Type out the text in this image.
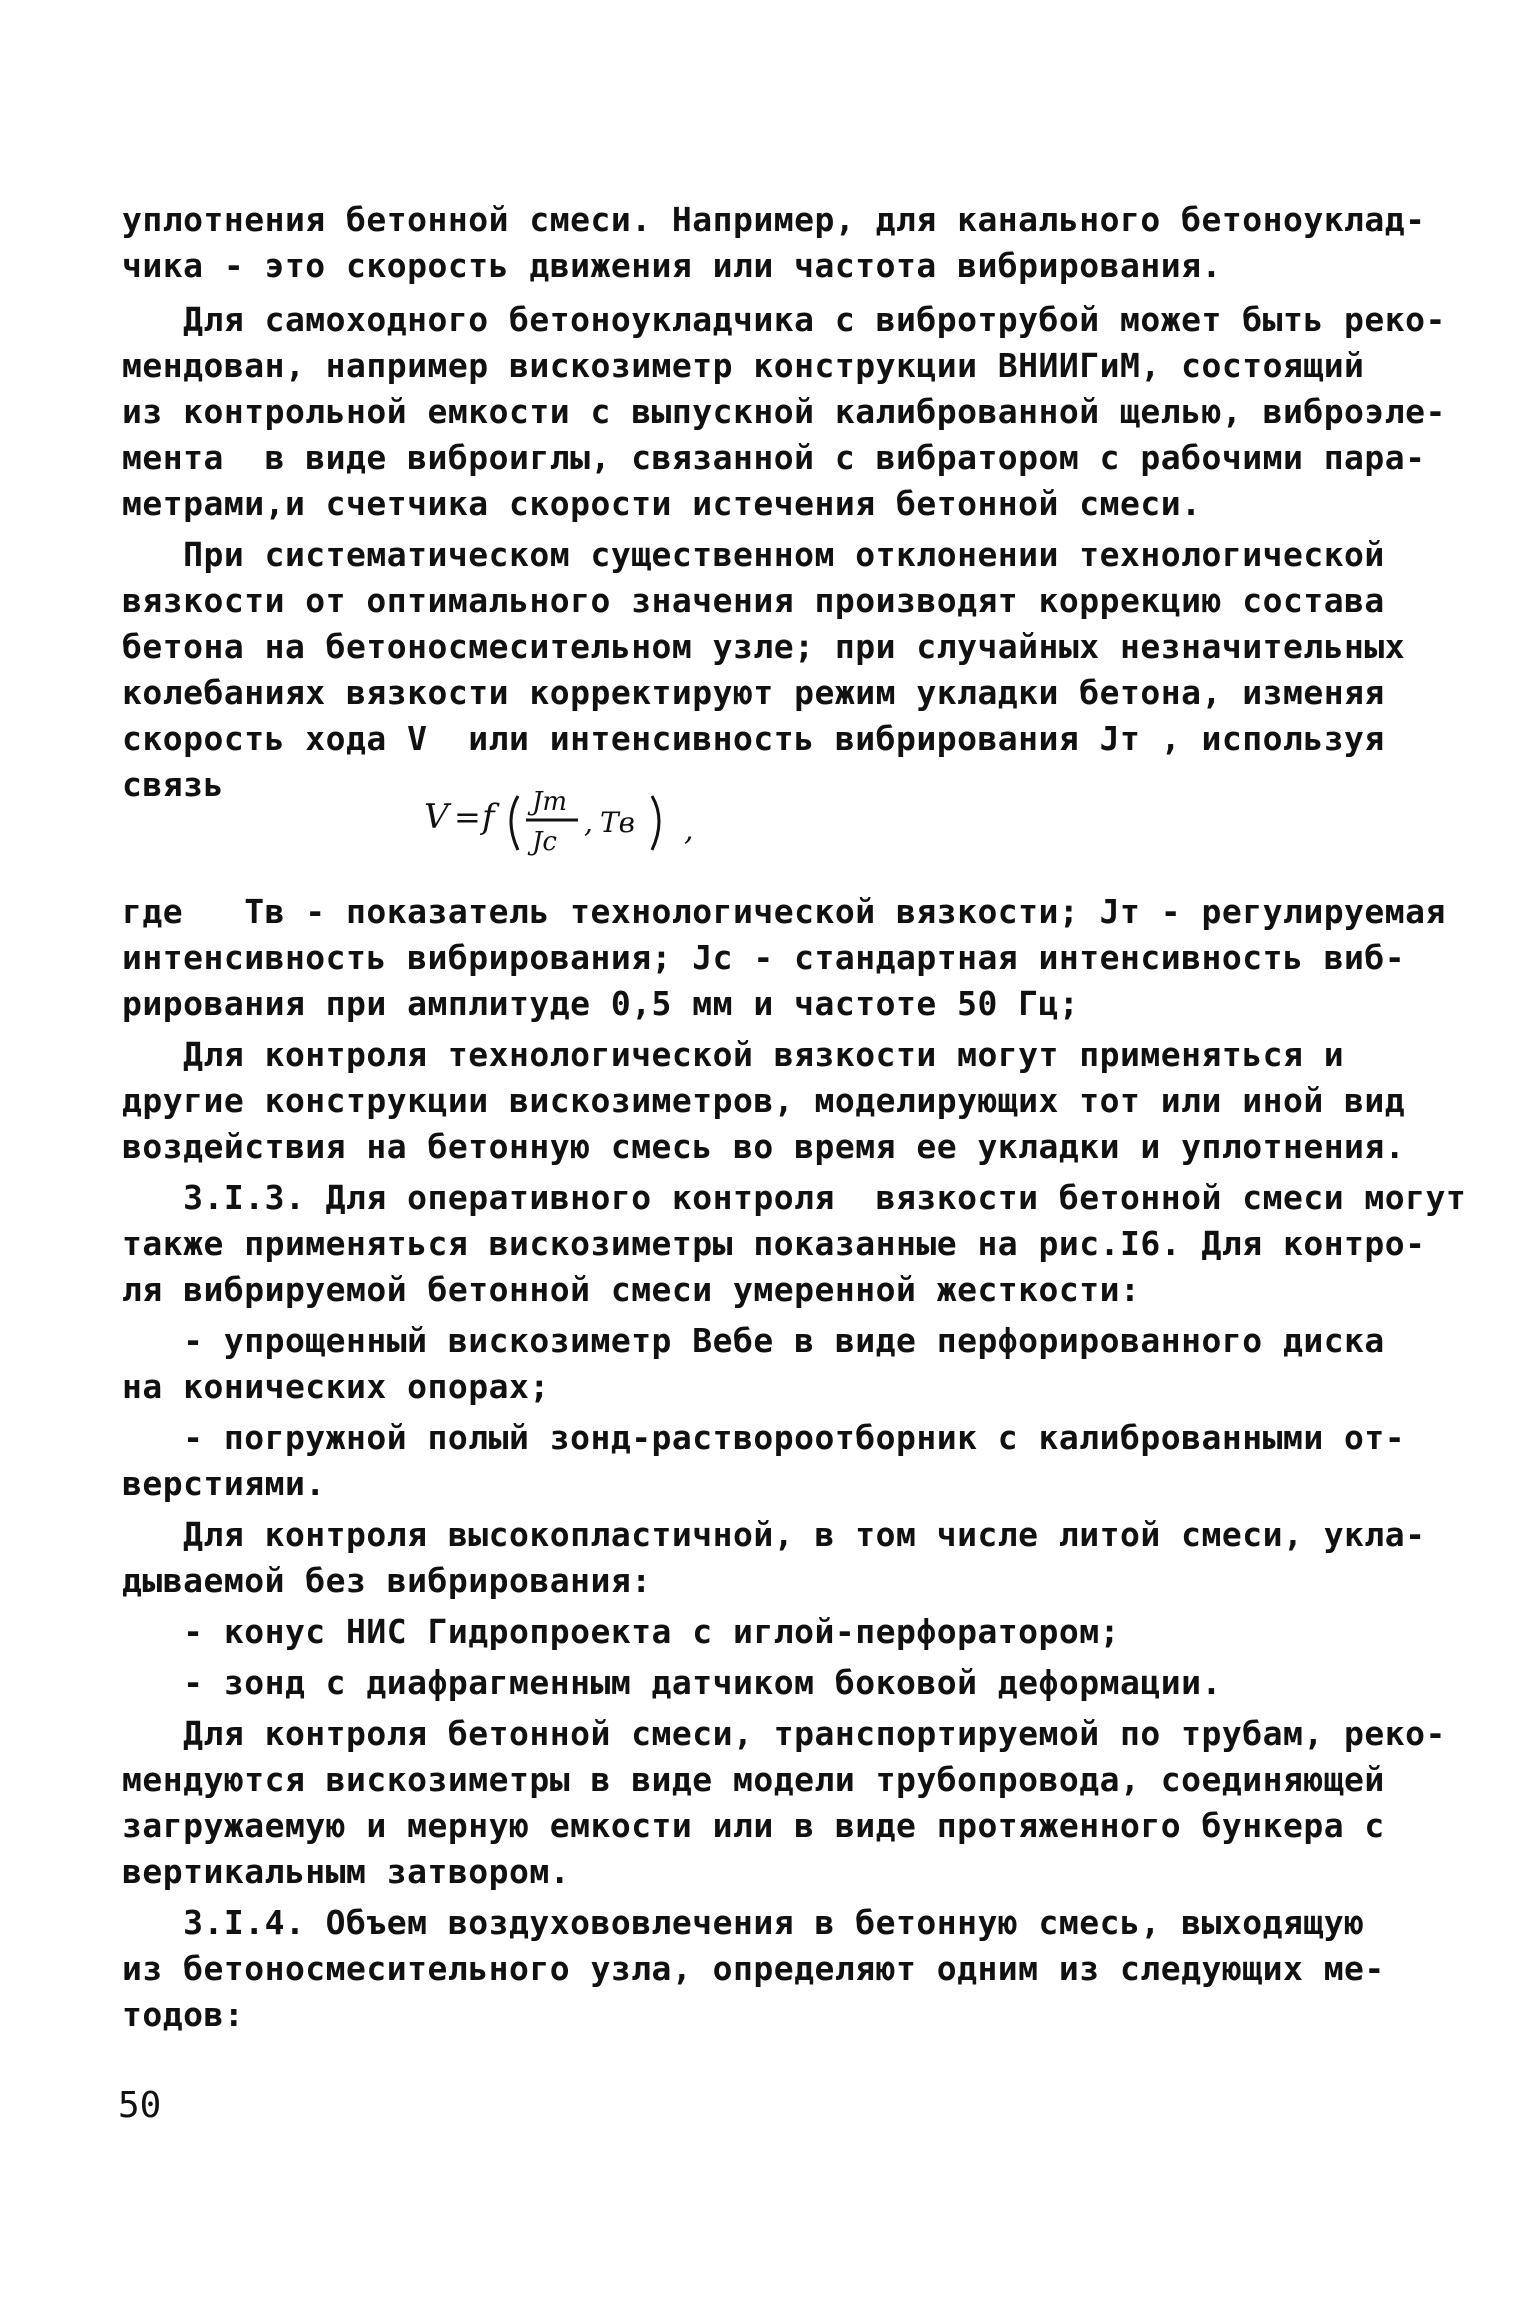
уплотнения бетонной смеси. Например, для канального бетоноуклад-
чика - это скорость движения или частота вибрирования.
Для самоходного бетоноукладчика с вибротрубой может быть реко-
мендован, например вискозиметр конструкции ВНИИГиМ, состоящий
из контрольной емкости с выпускной калиброванной щелью, виброэле-
мента  в виде виброиглы, связанной с вибратором с рабочими пара-
метрами,и счетчика скорости истечения бетонной смеси.
При систематическом существенном отклонении технологической
вязкости от оптимального значения производят коррекцию состава
бетона на бетоносмесительном узле; при случайных незначительных
колебаниях вязкости корректируют режим укладки бетона, изменяя
скорость хода V  или интенсивность вибрирования Jт , используя
связь
V = f Jт
Jс
, Тв ,
где   Тв - показатель технологической вязкости; Jт - регулируемая
интенсивность вибрирования; Jс - стандартная интенсивность виб-
рирования при амплитуде 0,5 мм и частоте 50 Гц;
Для контроля технологической вязкости могут применяться и
другие конструкции вискозиметров, моделирующих тот или иной вид
воздействия на бетонную смесь во время ее укладки и уплотнения.
3.I.3. Для оперативного контроля  вязкости бетонной смеси могут
также применяться вискозиметры показанные на рис.I6. Для контро-
ля вибрируемой бетонной смеси умеренной жесткости:
- упрощенный вискозиметр Вебе в виде перфорированного диска
на конических опорах;
- погружной полый зонд-раствороотборник с калиброванными от-
верстиями.
Для контроля высокопластичной, в том числе литой смеси, укла-
дываемой без вибрирования:
- конус НИС Гидропроекта с иглой-перфоратором;
- зонд с диафрагменным датчиком боковой деформации.
Для контроля бетонной смеси, транспортируемой по трубам, реко-
мендуются вискозиметры в виде модели трубопровода, соединяющей
загружаемую и мерную емкости или в виде протяженного бункера с
вертикальным затвором.
3.I.4. Объем воздухововлечения в бетонную смесь, выходящую
из бетоносмесительного узла, определяют одним из следующих ме-
тодов:
50
